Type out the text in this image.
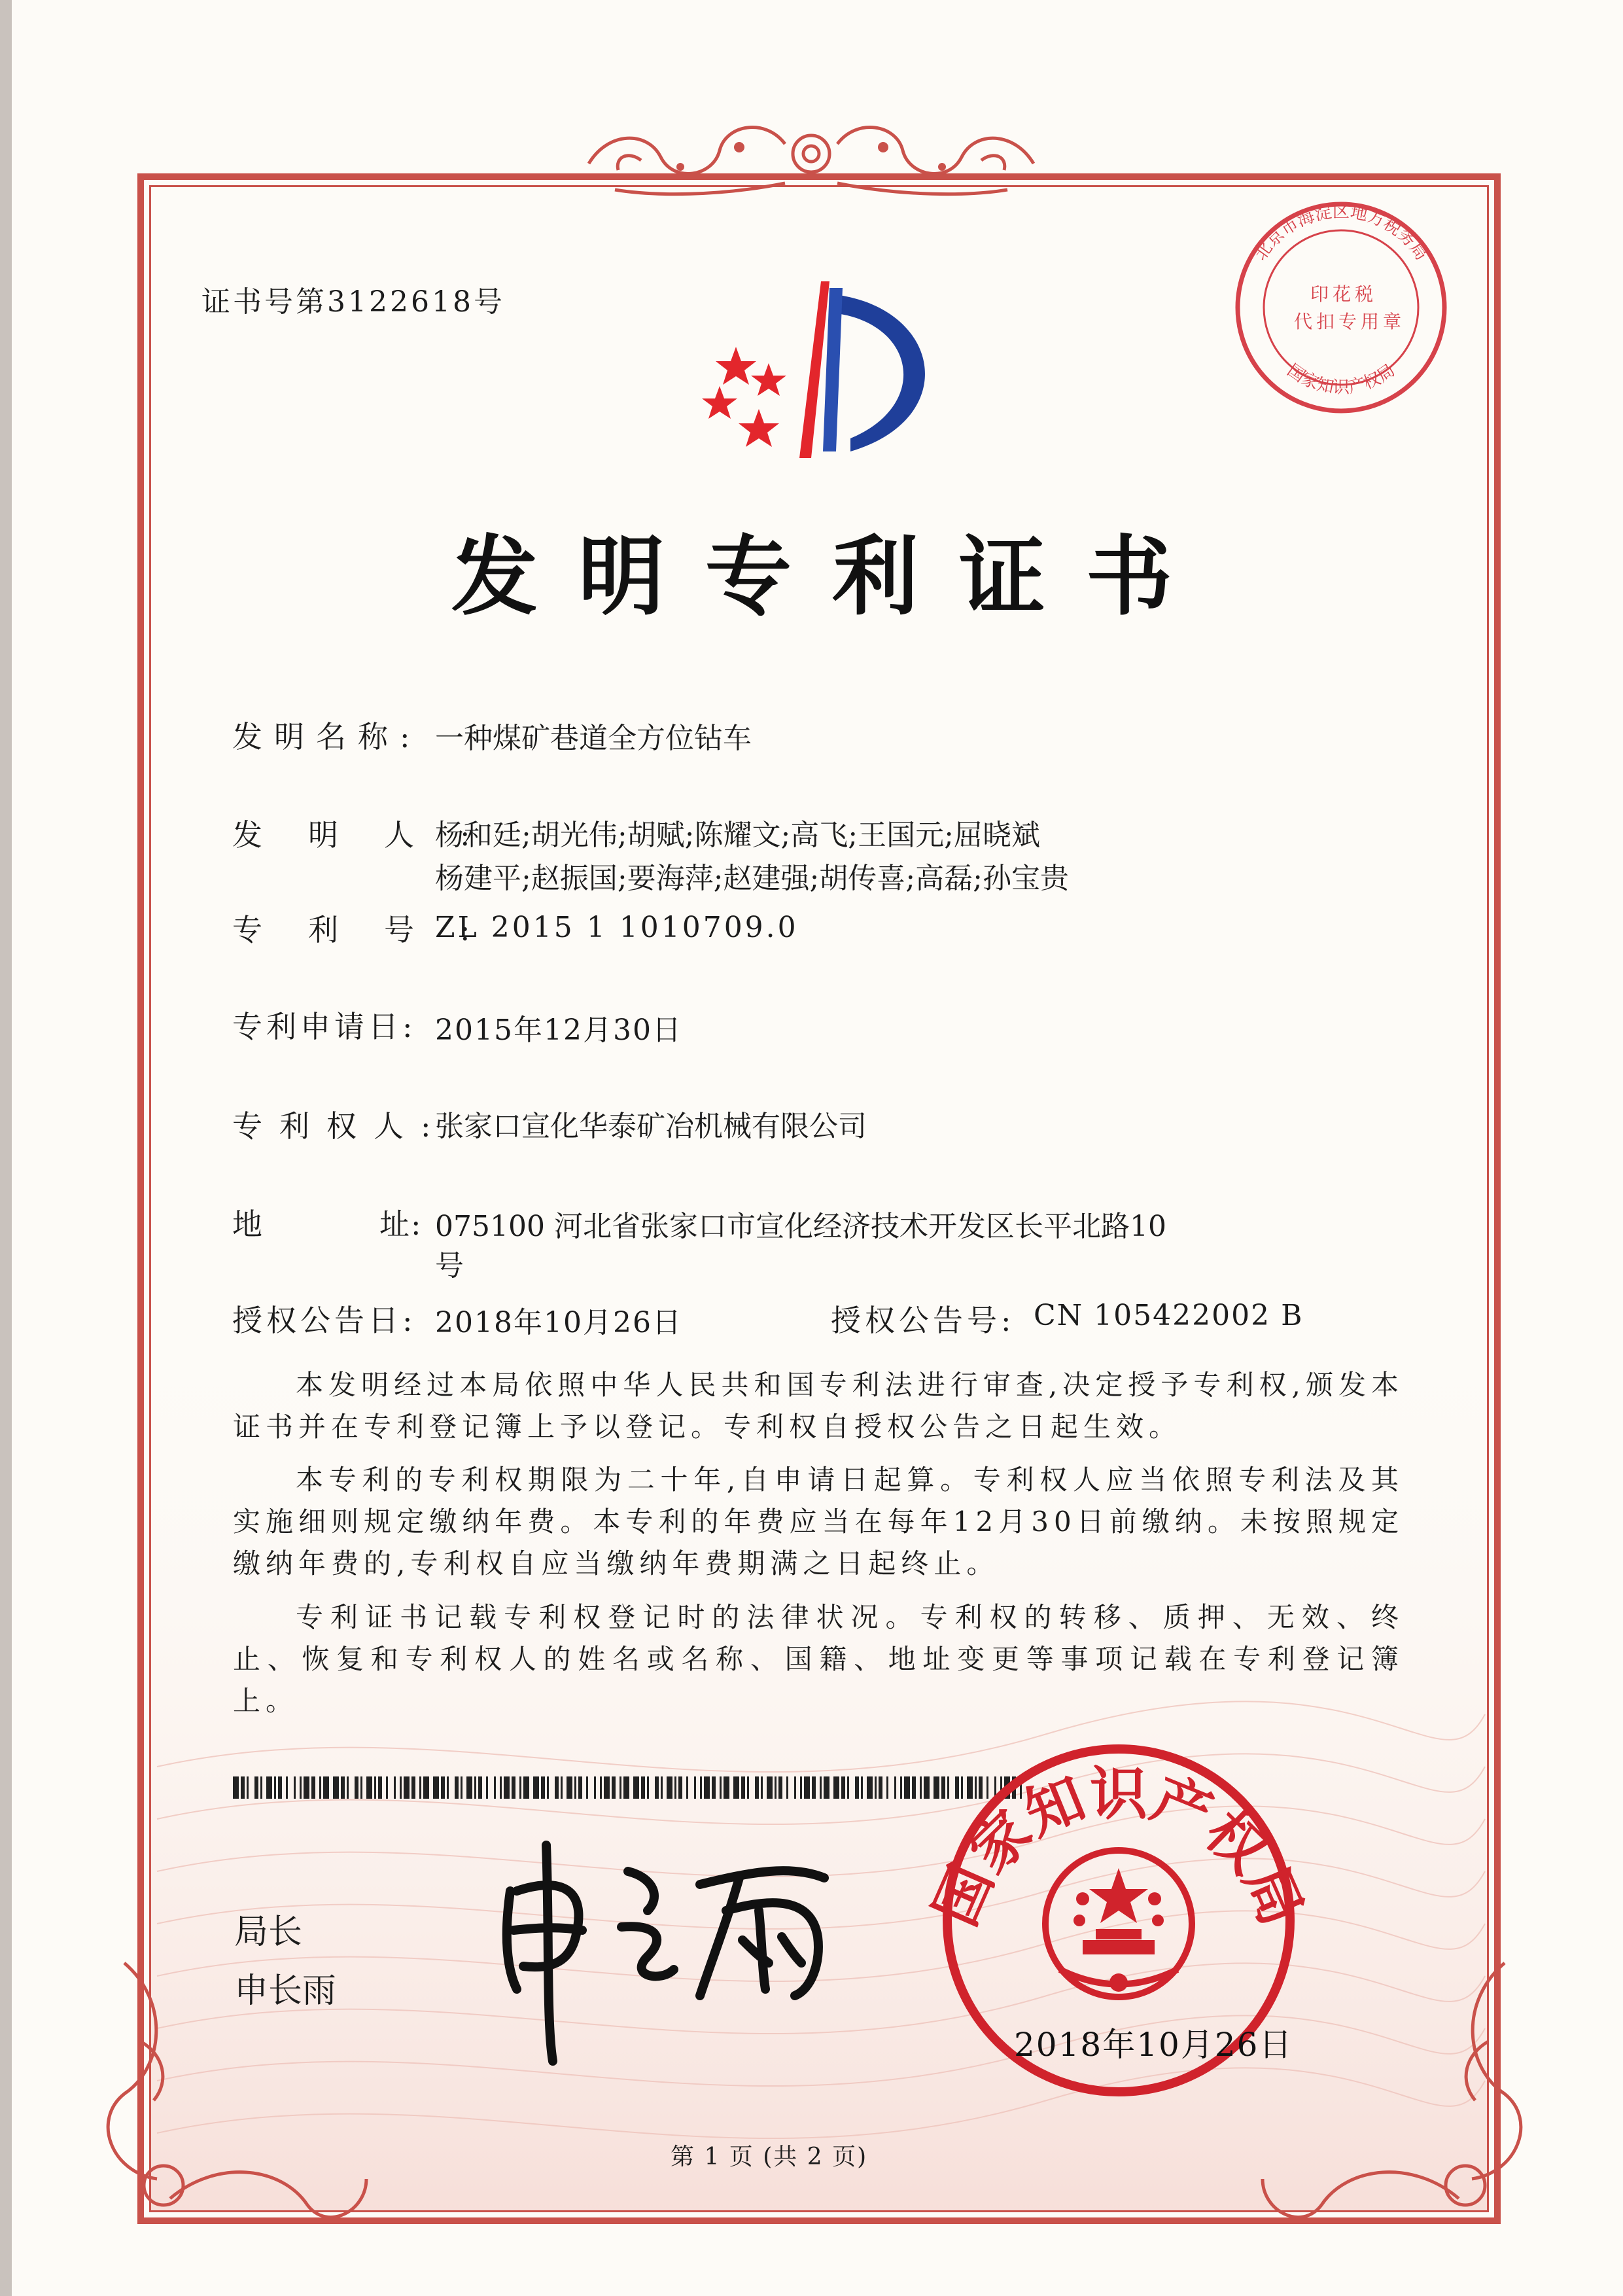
证书号第3122618号
北京市海淀区地方税务局
国家知识产权局
印花税
代扣专用章
发明专利证书
发明名称: 一种煤矿巷道全方位钻车
发明人:
杨和廷;胡光伟;胡赋;陈耀文;高飞;王国元;屈晓斌
杨建平;赵振国;要海萍;赵建强;胡传喜;高磊;孙宝贵
专利号:
ZL 2015 1 1010709.0
专利申请日: 2015年12月30日
专利权人:
张家口宣化华泰矿冶机械有限公司
地	址: 075100 河北省张家口市宣化经济技术开发区长平北路10
号
授权公告日: 2018年10月26日	授权公告号: CN 105422002 B
本发明经过本局依照中华人民共和国专利法进行审查,决定授予专利权,颁发本证书并在专利登记簿上予以登记。专利权自授权公告之日起生效。
本专利的专利权期限为二十年,自申请日起算。专利权人应当依照专利法及其实施细则规定缴纳年费。本专利的年费应当在每年12月30日前缴纳。未按照规定缴纳年费的,专利权自应当缴纳年费期满之日起终止。
专利证书记载专利权登记时的法律状况。专利权的转移、质押、无效、终止、恢复和专利权人的姓名或名称、国籍、地址变更等事项记载在专利登记簿上。
局长
申长雨
国家知识产权局
2018年10月26日
第 1 页 (共 2 页)
